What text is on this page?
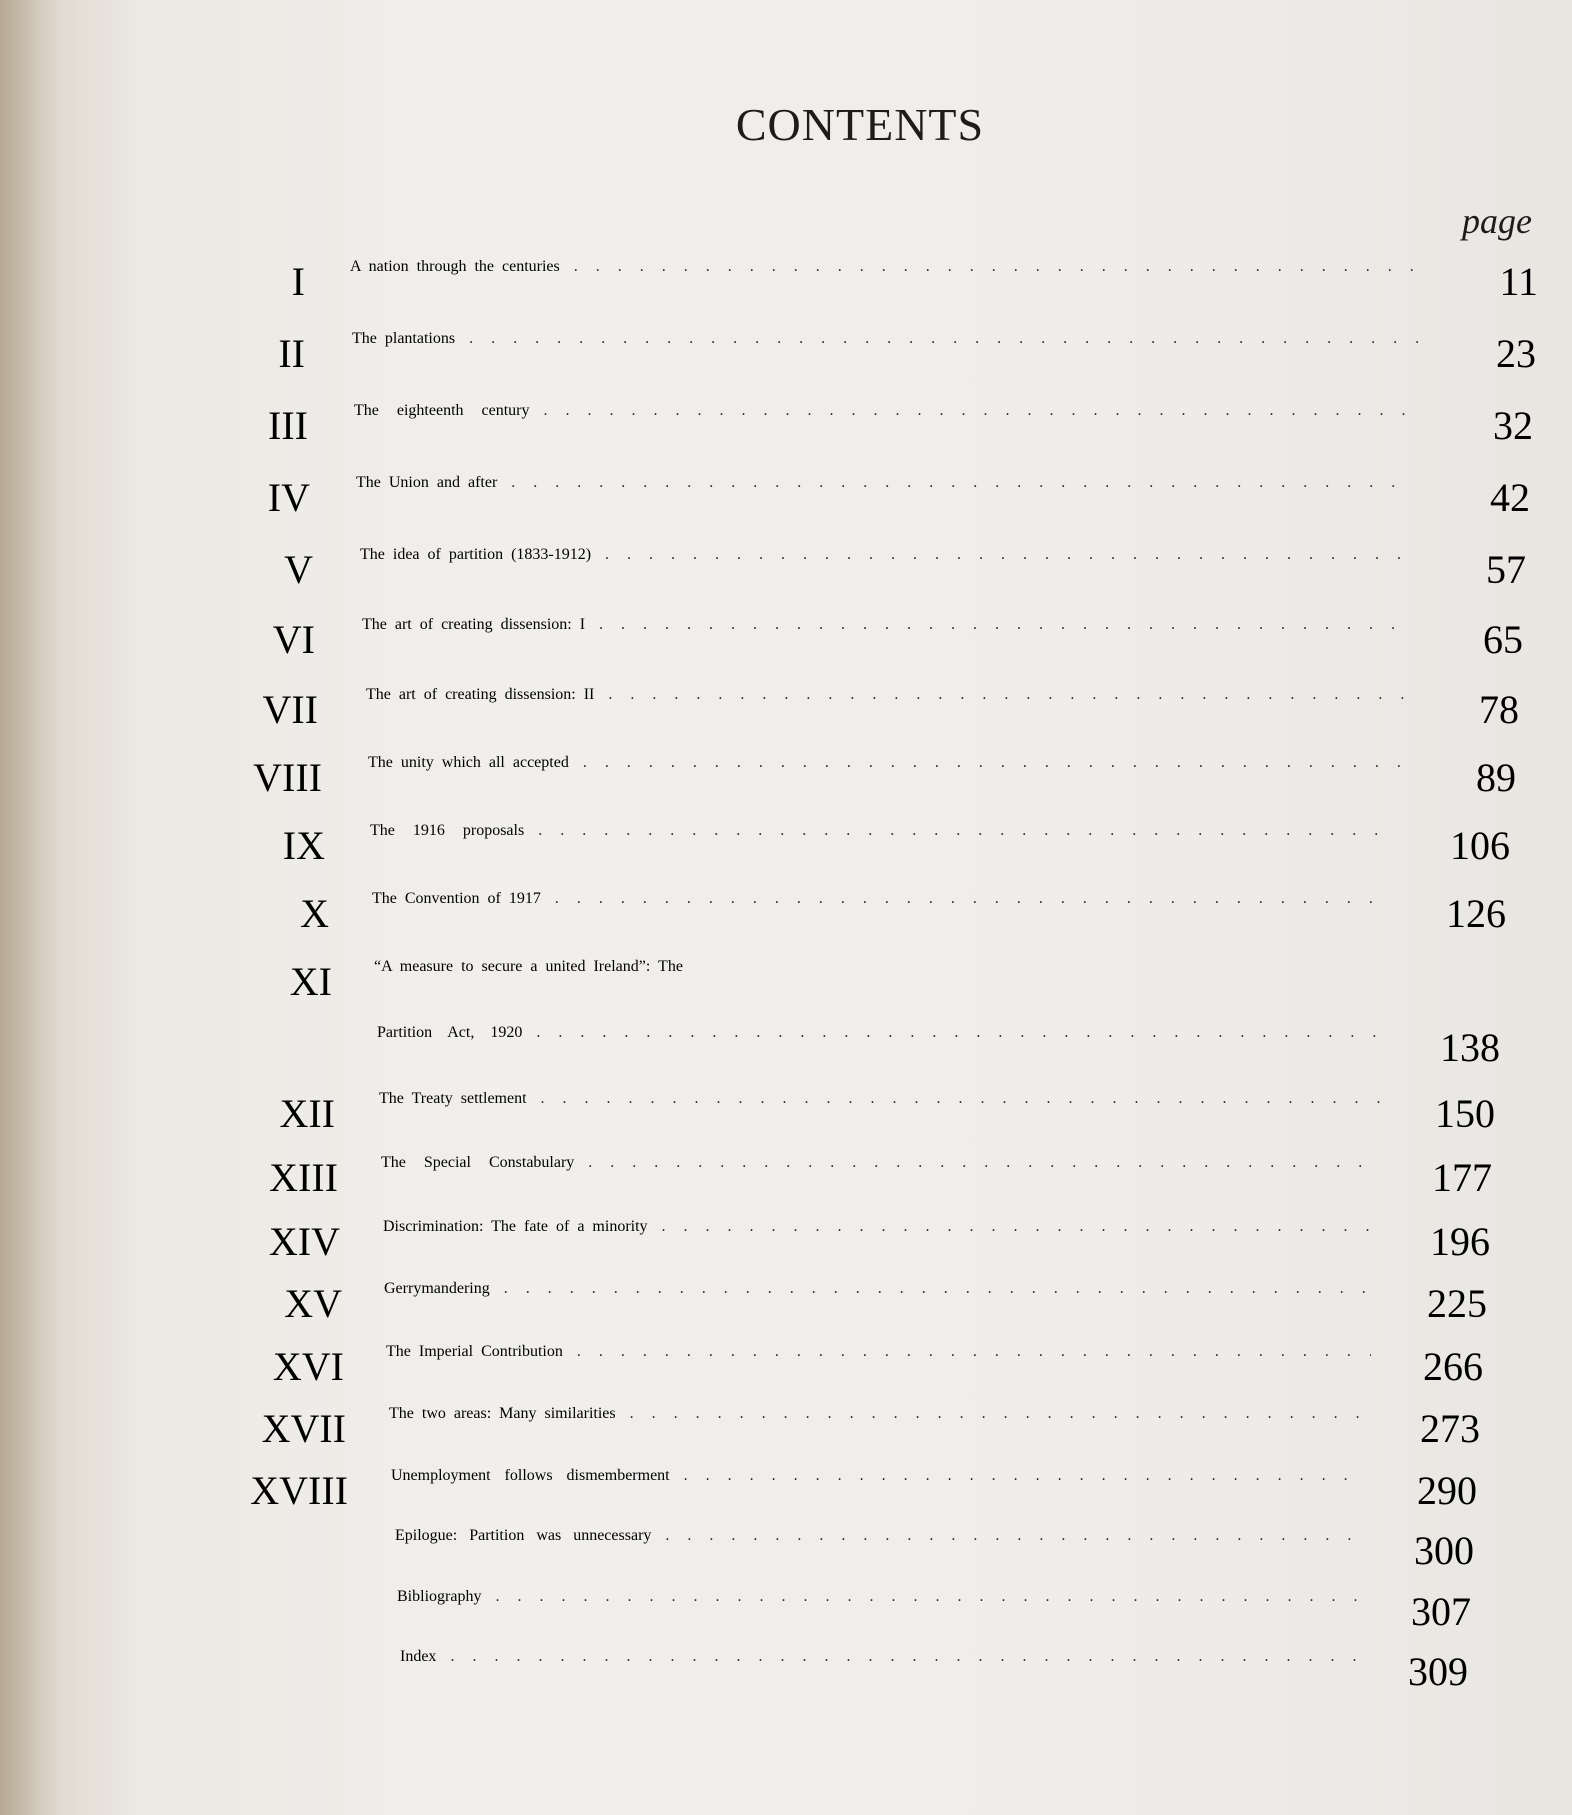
CONTENTS
page
I	A nation through the centuries . . .	11
II	The plantations . . .	23
III	The eighteenth century . . .	32
IV	The Union and after . . .	42
V	The idea of partition (1833-1912) . . .	57
VI	The art of creating dissension: I . . .	65
VII	The art of creating dissension: II . . .	78
VIII	The unity which all accepted . . .	89
IX	The 1916 proposals . . .	106
X	The Convention of 1917 . . .	126
XI	“A measure to secure a united Ireland”: The
Partition Act, 1920 . . .	138
XII	The Treaty settlement . . .	150
XIII	The Special Constabulary . . .	177
XIV	Discrimination: The fate of a minority . . .	196
XV	Gerrymandering . . .	225
XVI	The Imperial Contribution . . .	266
XVII	The two areas: Many similarities . . .	273
XVIII	Unemployment follows dismemberment . . .	290
Epilogue: Partition was unnecessary . . .	300
Bibliography . . .	307
Index . . .	309
